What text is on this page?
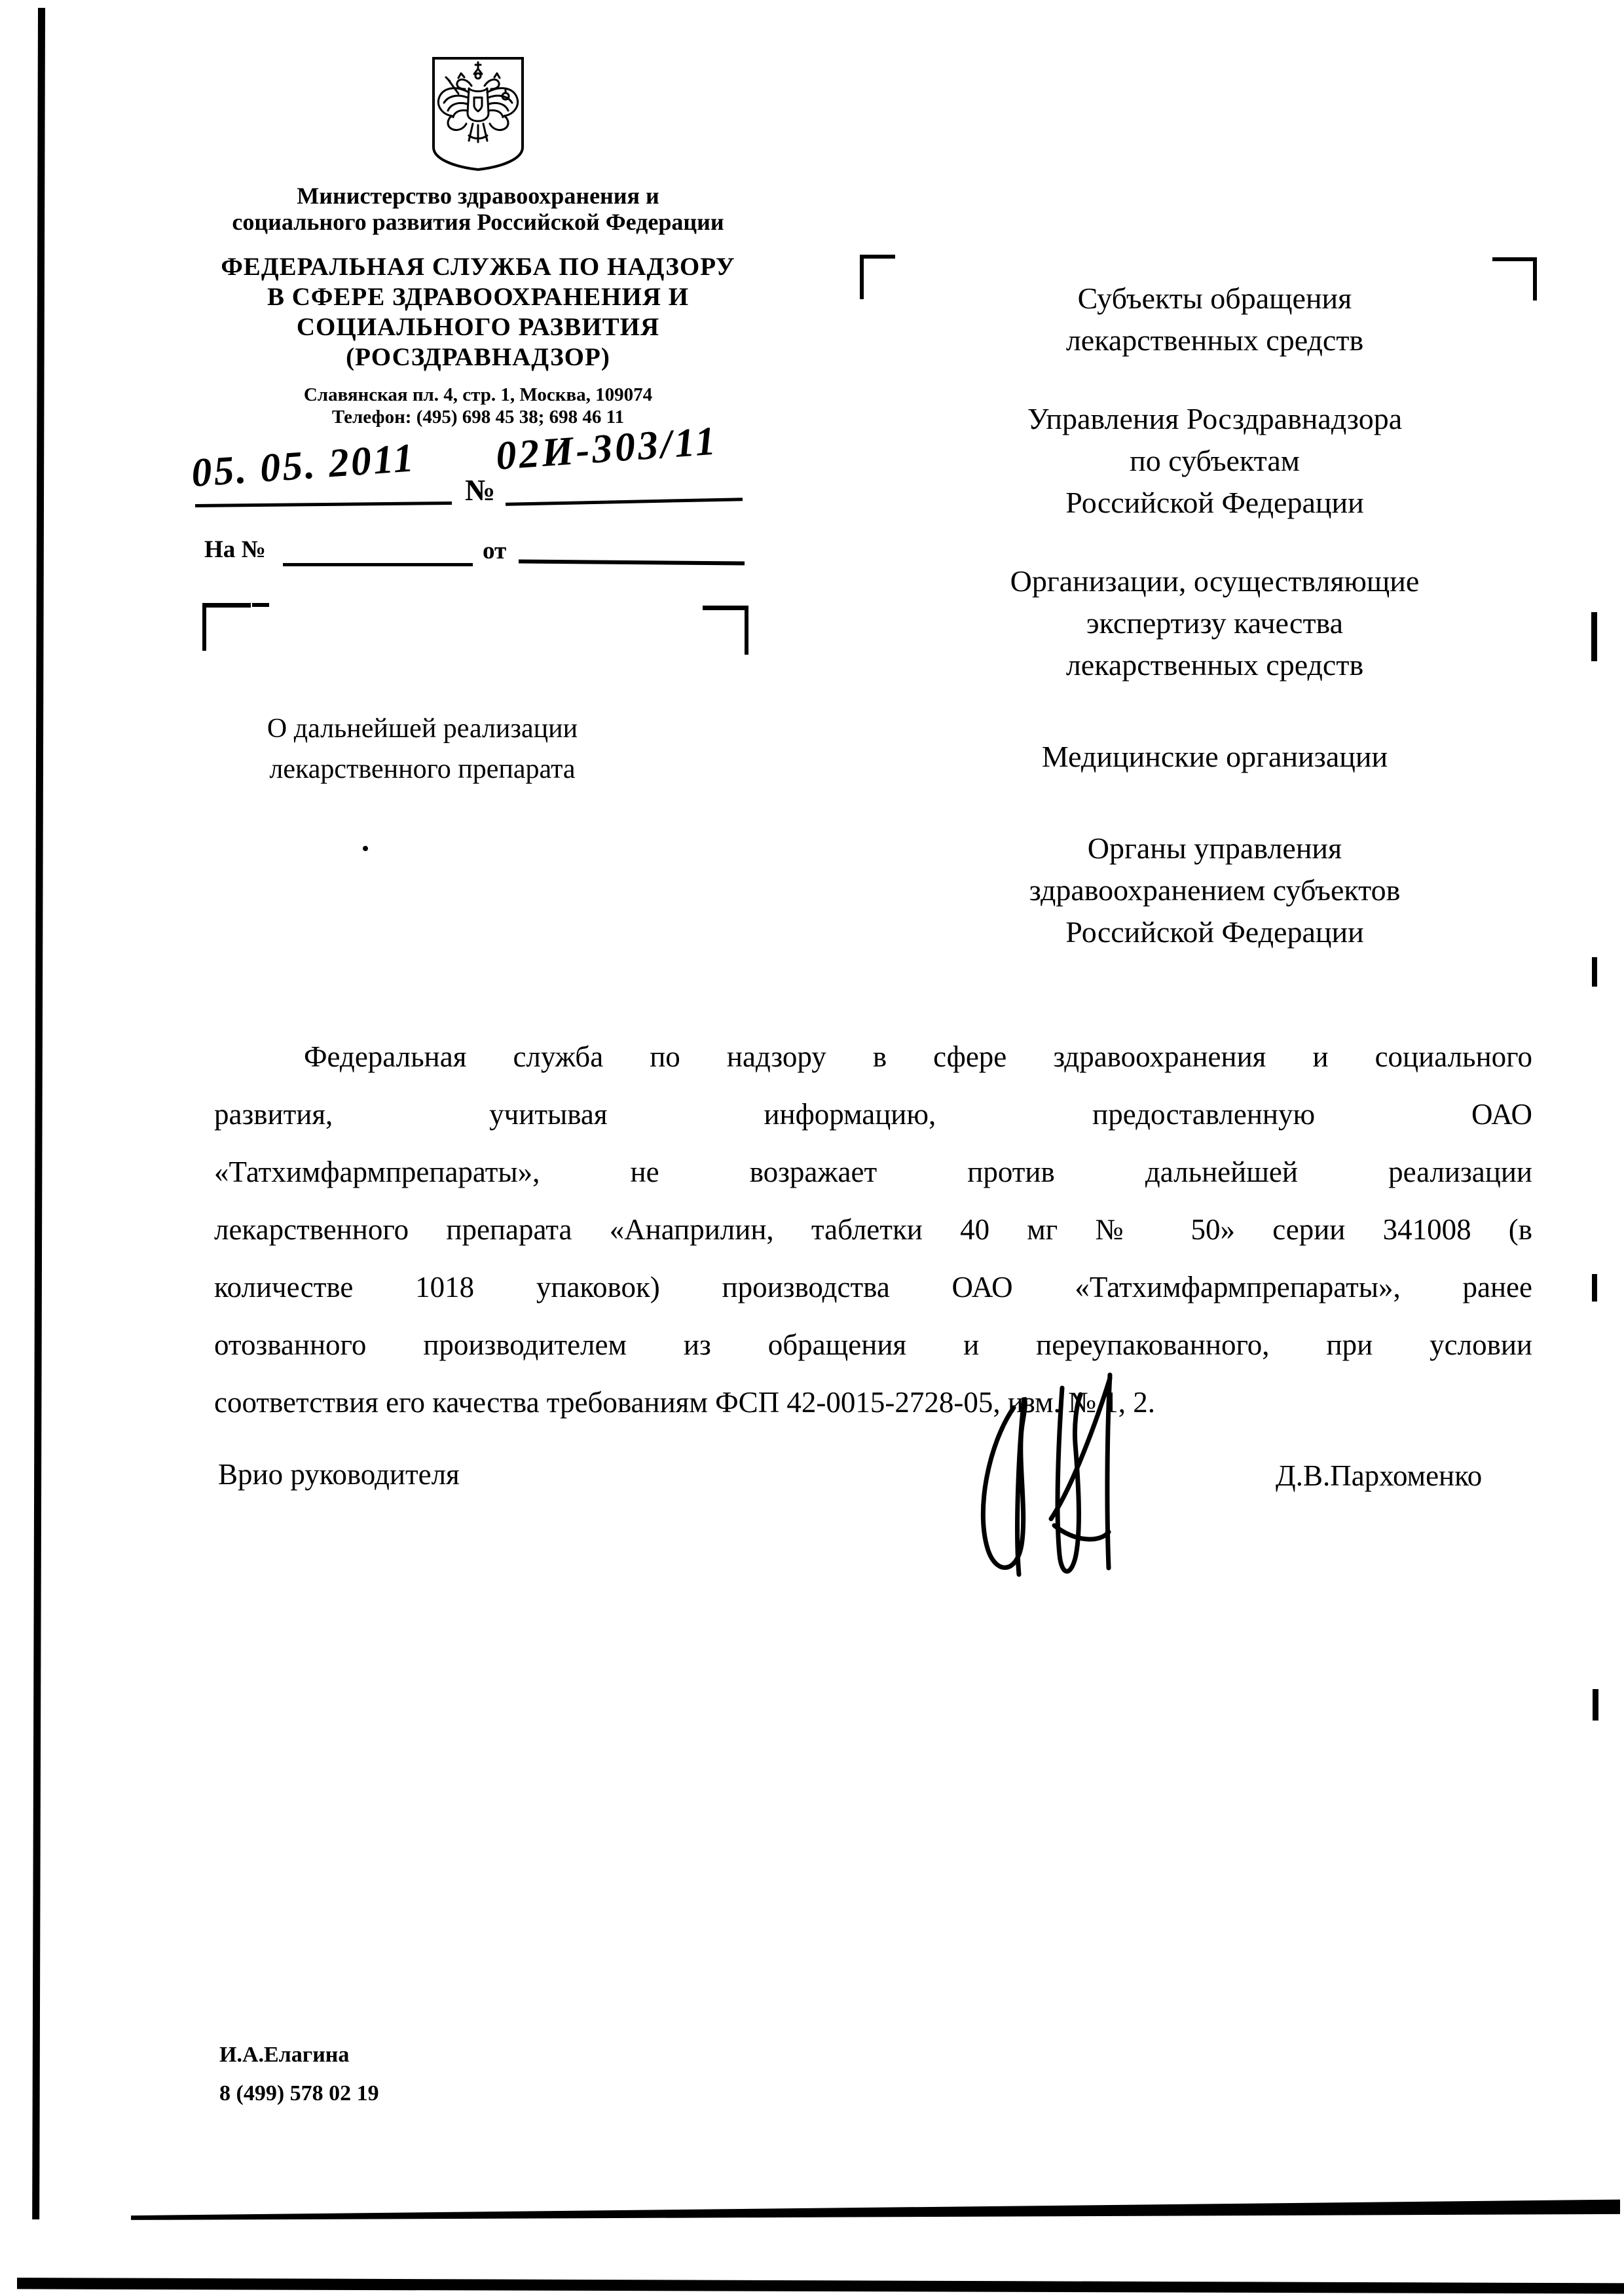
Министерство здравоохранения и
социального развития Российской Федерации
ФЕДЕРАЛЬНАЯ СЛУЖБА ПО НАДЗОРУ
В СФЕРЕ ЗДРАВООХРАНЕНИЯ И
СОЦИАЛЬНОГО РАЗВИТИЯ
(РОСЗДРАВНАДЗОР)
Славянская пл. 4, стр. 1, Москва, 109074
Телефон: (495) 698 45 38; 698 46 11
05. 05. 2011 №
02И-303/11
На №	от
Субъекты обращения
лекарственных средств
Управления Росздравнадзора
по субъектам
Российской Федерации
Организации, осуществляющие
экспертизу качества
лекарственных средств
Медицинские организации
Органы управления
здравоохранением субъектов
Российской Федерации
О дальнейшей реализации
лекарственного препарата
Федеральная служба по надзору в сфере здравоохранения и социального
развития, учитывая информацию, предоставленную ОАО
«Татхимфармпрепараты», не возражает против дальнейшей реализации
лекарственного препарата «Анаприлин, таблетки 40 мг № 50» серии 341008 (в
количестве 1018 упаковок) производства ОАО «Татхимфармпрепараты», ранее
отозванного производителем из обращения и переупакованного, при условии
соответствия его качества требованиям ФСП 42-0015-2728-05, изм. № 1, 2.
Врио руководителя	Д.В.Пархоменко
И.А.Елагина
8 (499) 578 02 19
